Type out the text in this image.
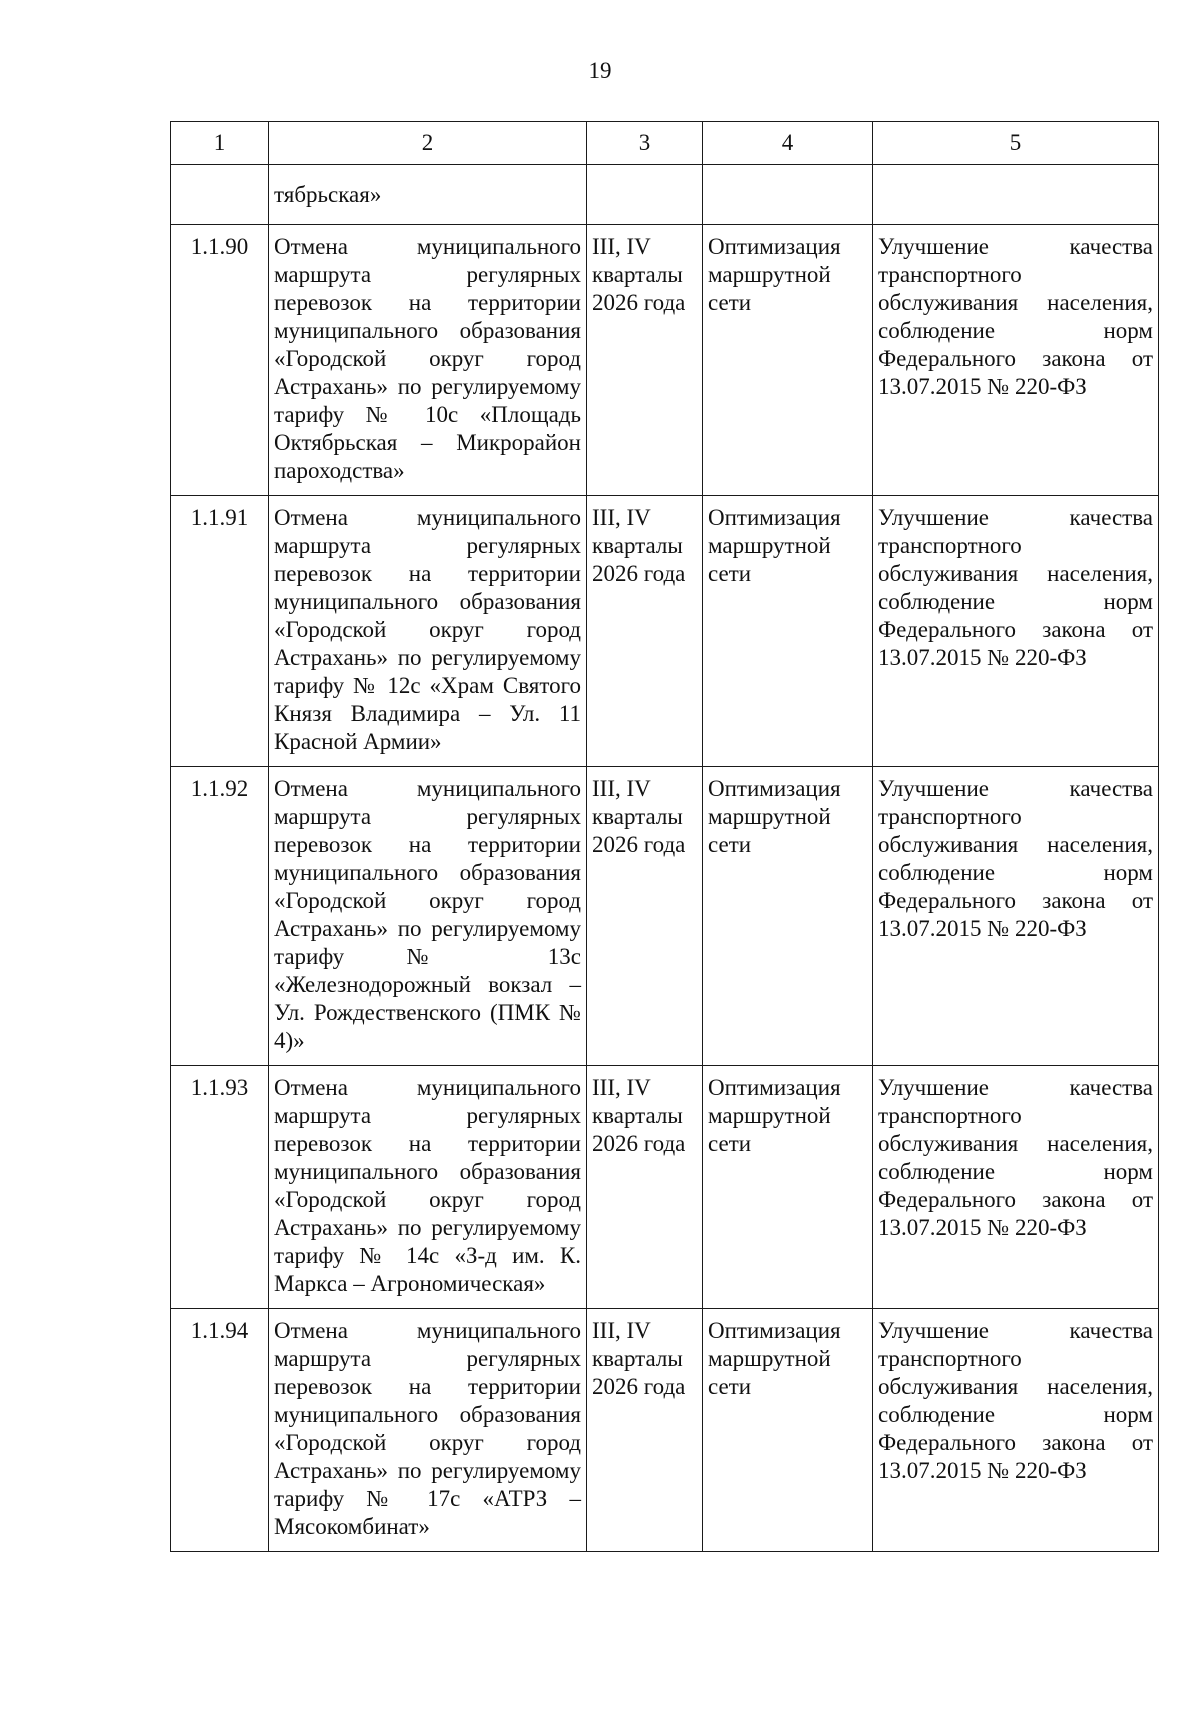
19
1	2	3	4	5
	тябрьская»			
1.1.90	Отмена муниципального маршрута регулярных перевозок на территории муниципального образования «Городской округ город Астрахань» по регулируемому тарифу № 10с «Площадь Октябрьская – Микрорайон пароходства»	III, IV кварталы 2026 года	Оптимизация маршрутной сети	Улучшение качества транспортного обслуживания населения, соблюдение норм Федерального закона от 13.07.2015 № 220-ФЗ
1.1.91	Отмена муниципального маршрута регулярных перевозок на территории муниципального образования «Городской округ город Астрахань» по регулируемому тарифу № 12с «Храм Святого Князя Владимира – Ул. 11 Красной Армии»	III, IV кварталы 2026 года	Оптимизация маршрутной сети	Улучшение качества транспортного обслуживания населения, соблюдение норм Федерального закона от 13.07.2015 № 220-ФЗ
1.1.92	Отмена муниципального маршрута регулярных перевозок на территории муниципального образования «Городской округ город Астрахань» по регулируемому тарифу № 13с «Железнодорожный вокзал – Ул. Рождественского (ПМК № 4)»	III, IV кварталы 2026 года	Оптимизация маршрутной сети	Улучшение качества транспортного обслуживания населения, соблюдение норм Федерального закона от 13.07.2015 № 220-ФЗ
1.1.93	Отмена муниципального маршрута регулярных перевозок на территории муниципального образования «Городской округ город Астрахань» по регулируемому тарифу № 14с «З-д им. К. Маркса – Агрономическая»	III, IV кварталы 2026 года	Оптимизация маршрутной сети	Улучшение качества транспортного обслуживания населения, соблюдение норм Федерального закона от 13.07.2015 № 220-ФЗ
1.1.94	Отмена муниципального маршрута регулярных перевозок на территории муниципального образования «Городской округ город Астрахань» по регулируемому тарифу № 17с «АТРЗ – Мясокомбинат»	III, IV кварталы 2026 года	Оптимизация маршрутной сети	Улучшение качества транспортного обслуживания населения, соблюдение норм Федерального закона от 13.07.2015 № 220-ФЗ
